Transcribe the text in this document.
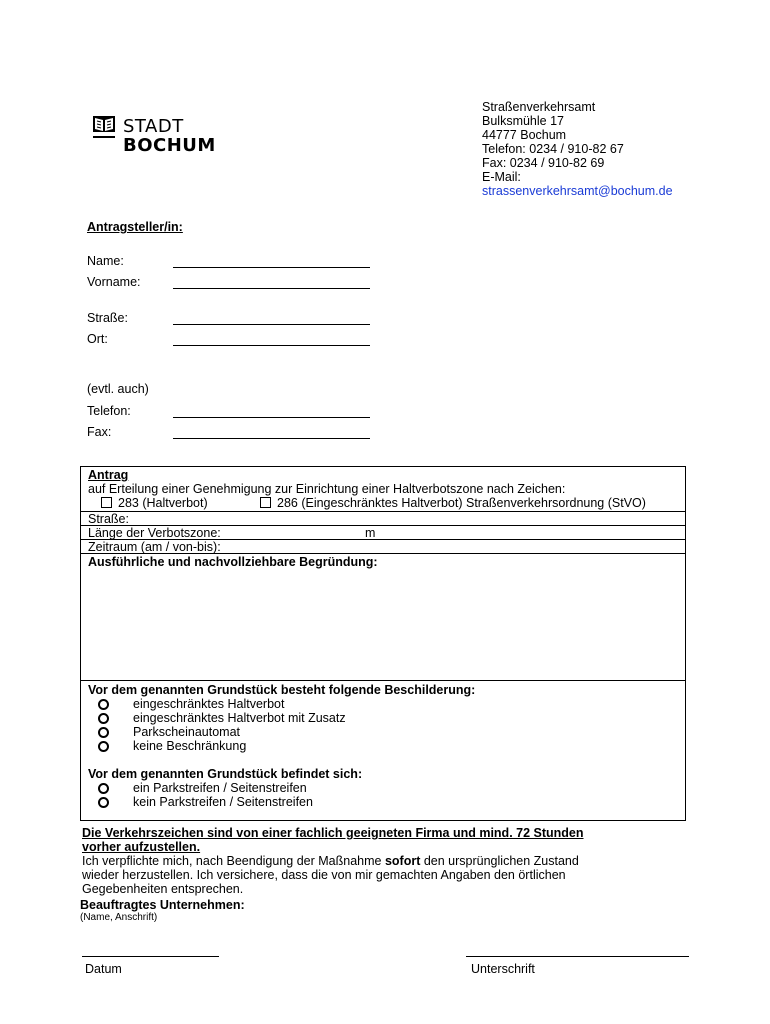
STADT
BOCHUM
Straßenverkehrsamt
Bulksmühle 17
44777 Bochum
Telefon: 0234 / 910-82 67
Fax: 0234 / 910-82 69
E-Mail:
strassenverkehrsamt@bochum.de
Antragsteller/in:
Name:
Vorname:
Straße:
Ort:
(evtl. auch)
Telefon:
Fax:
Antrag
auf Erteilung einer Genehmigung zur Einrichtung einer Haltverbotszone nach Zeichen:
283 (Haltverbot)	286 (Eingeschränktes Haltverbot) Straßenverkehrsordnung (StVO)
Straße:
Länge der Verbotszone:	m
Zeitraum (am / von-bis):
Ausführliche und nachvollziehbare Begründung:
Vor dem genannten Grundstück besteht folgende Beschilderung:
eingeschränktes Haltverbot
eingeschränktes Haltverbot mit Zusatz
Parkscheinautomat
keine Beschränkung
Vor dem genannten Grundstück befindet sich:
ein Parkstreifen / Seitenstreifen
kein Parkstreifen / Seitenstreifen
Die Verkehrszeichen sind von einer fachlich geeigneten Firma und mind. 72 Stunden
vorher aufzustellen.
Ich verpflichte mich, nach Beendigung der Maßnahme sofort den ursprünglichen Zustand
wieder herzustellen. Ich versichere, dass die von mir gemachten Angaben den örtlichen
Gegebenheiten entsprechen.
Beauftragtes Unternehmen:
(Name, Anschrift)
Datum	Unterschrift
